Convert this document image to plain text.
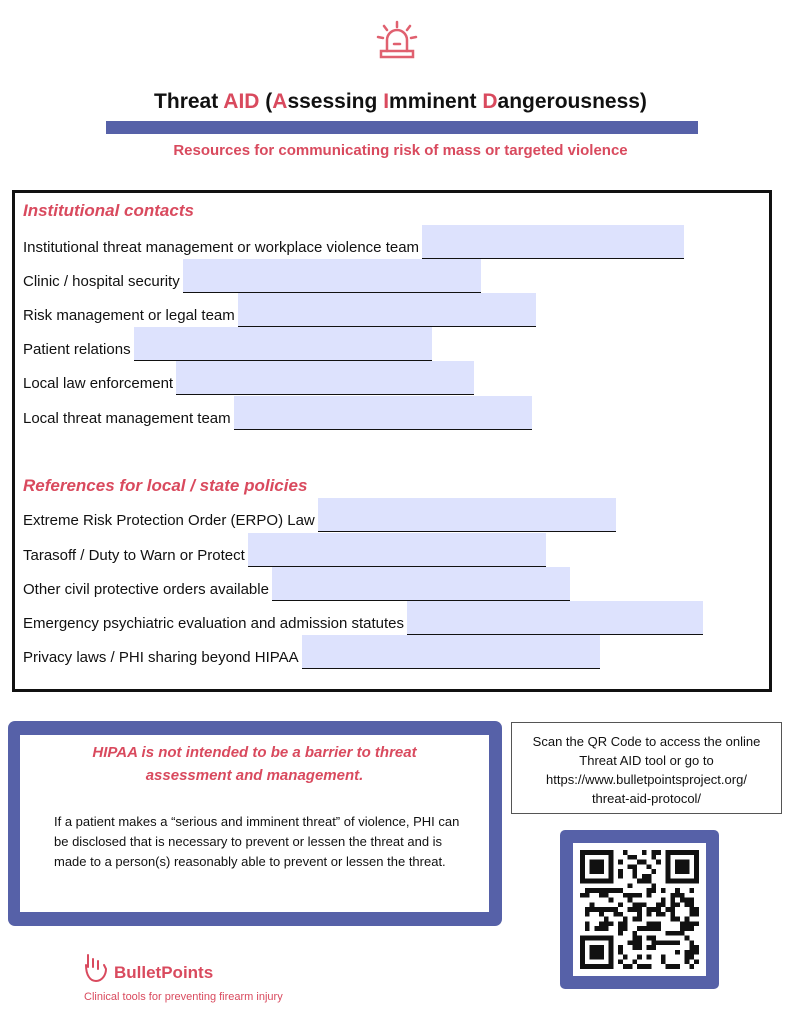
Threat AID (Assessing Imminent Dangerousness)
Resources for communicating risk of mass or targeted violence
Institutional contacts
Institutional threat management or workplace violence team
Clinic / hospital security
Risk management or legal team
Patient relations
Local law enforcement
Local threat management team
References for local / state policies
Extreme Risk Protection Order (ERPO) Law
Tarasoff / Duty to Warn or Protect
Other civil protective orders available
Emergency psychiatric evaluation and admission statutes
Privacy laws / PHI sharing beyond HIPAA
HIPAA is not intended to be a barrier to threat
assessment and management.
If a patient makes a “serious and imminent threat” of violence, PHI can be disclosed that is necessary to prevent or lessen the threat and is made to a person(s) reasonably able to prevent or lessen the threat.
Scan the QR Code to access the online
Threat AID tool or go to
https://www.bulletpointsproject.org/
threat-aid-protocol/
BulletPoints
Clinical tools for preventing firearm injury
